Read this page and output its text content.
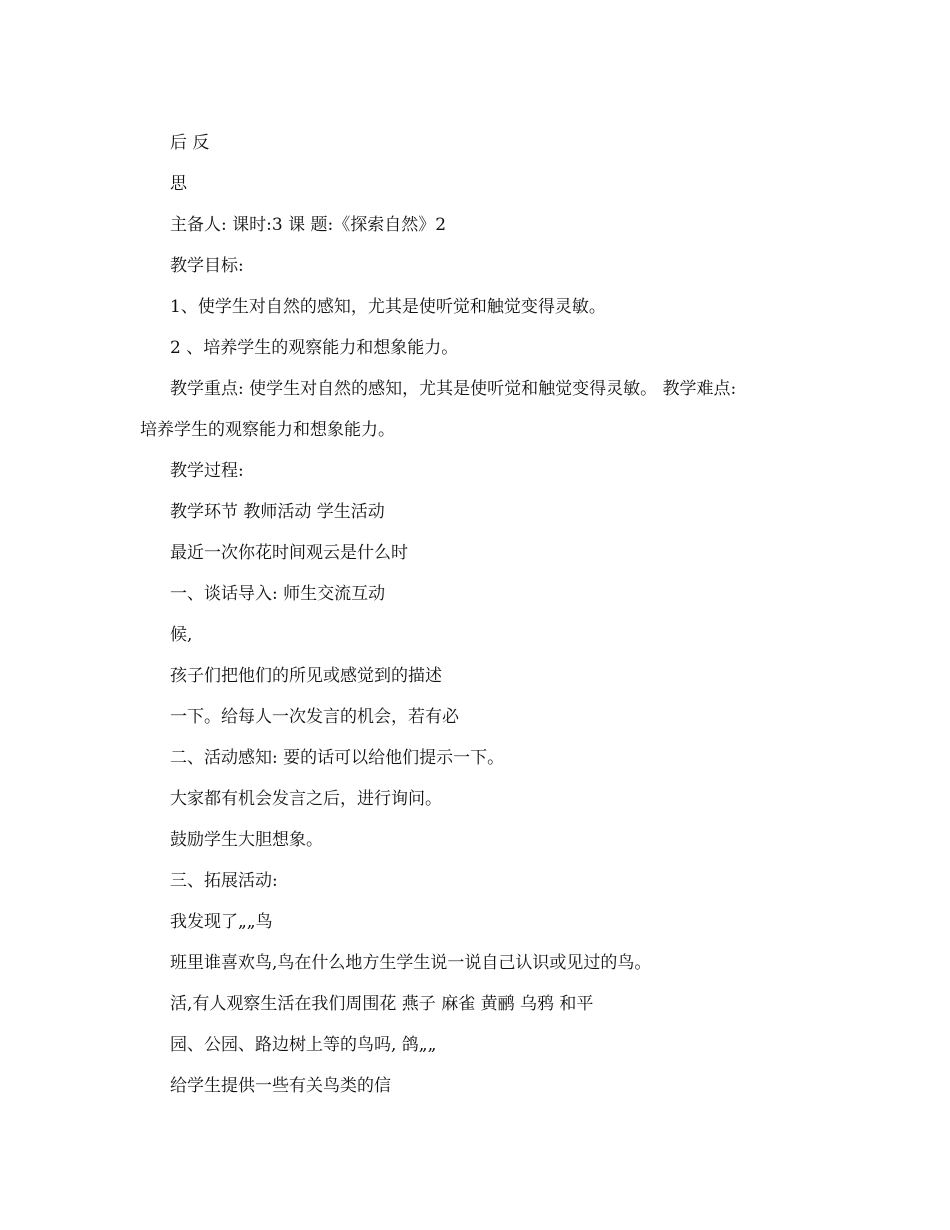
后 反
思
主备人: 课时:3 课 题:《探索自然》2
教学目标:
1、使学生对自然的感知，尤其是使听觉和触觉变得灵敏。
2 、培养学生的观察能力和想象能力。
教学重点: 使学生对自然的感知，尤其是使听觉和触觉变得灵敏。 教学难点:
培养学生的观察能力和想象能力。
教学过程:
教学环节 教师活动 学生活动
最近一次你花时间观云是什么时
一、谈话导入: 师生交流互动
候,
孩子们把他们的所见或感觉到的描述
一下。给每人一次发言的机会，若有必
二、活动感知: 要的话可以给他们提示一下。
大家都有机会发言之后，进行询问。
鼓励学生大胆想象。
三、拓展活动:
我发现了„„鸟
班里谁喜欢鸟,鸟在什么地方生学生说一说自己认识或见过的鸟。
活,有人观察生活在我们周围花 燕子 麻雀 黄鹂 乌鸦 和平
园、公园、路边树上等的鸟吗, 鸽„„
给学生提供一些有关鸟类的信
